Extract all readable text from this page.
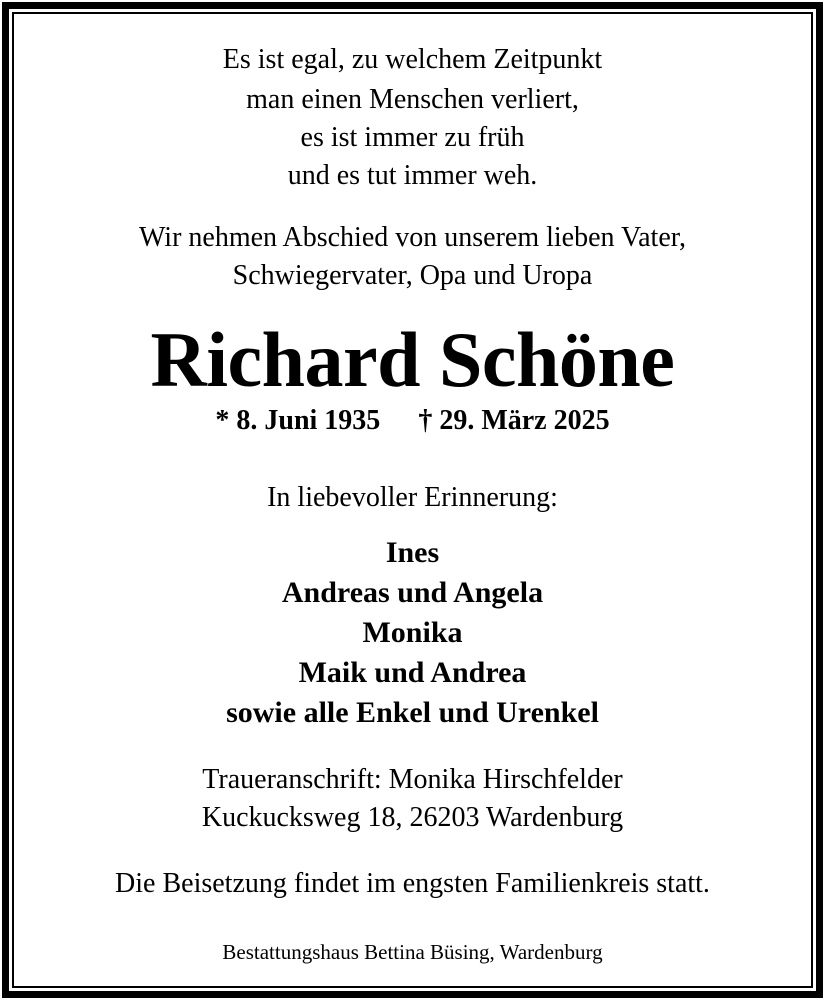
Es ist egal, zu welchem Zeitpunkt
man einen Menschen verliert,
es ist immer zu früh
und es tut immer weh.
Wir nehmen Abschied von unserem lieben Vater,
Schwiegervater, Opa und Uropa
Richard Schöne
* 8. Juni 1935 † 29. März 2025
In liebevoller Erinnerung:
Ines
Andreas und Angela
Monika
Maik und Andrea
sowie alle Enkel und Urenkel
Traueranschrift: Monika Hirschfelder
Kuckucksweg 18, 26203 Wardenburg
Die Beisetzung findet im engsten Familienkreis statt.
Bestattungshaus Bettina Büsing, Wardenburg
